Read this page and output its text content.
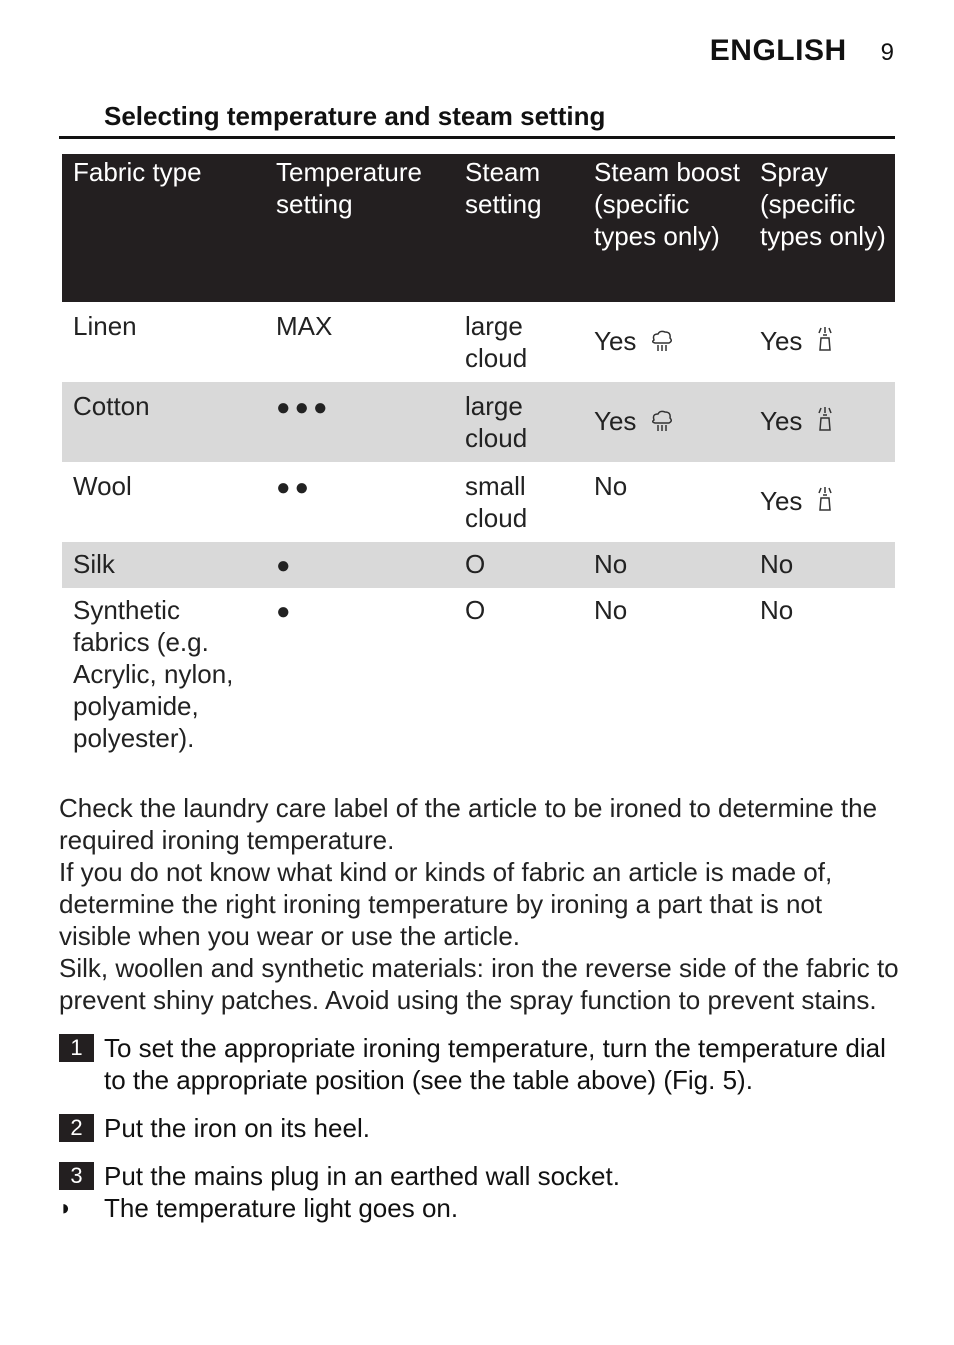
ENGLISH 9
Selecting temperature and steam setting
Fabric type	Temperature setting	Steam setting	Steam boost (specific types only)	Spray (specific types only)
Linen	MAX	large cloud	Yes	Yes
Cotton	●●●	large cloud	Yes	Yes
Wool	●●	small cloud	No	Yes
Silk	●	O	No	No
Synthetic fabrics (e.g. Acrylic, nylon, polyamide, polyester).	●	O	No	No
Check the laundry care label of the article to be ironed to determine the required ironing temperature.
If you do not know what kind or kinds of fabric an article is made of, determine the right ironing temperature by ironing a part that is not visible when you wear or use the article.
Silk, woollen and synthetic materials: iron the reverse side of the fabric to prevent shiny patches. Avoid using the spray function to prevent stains.
1 To set the appropriate ironing temperature, turn the temperature dial to the appropriate position (see the table above) (Fig. 5).
2 Put the iron on its heel.
3 Put the mains plug in an earthed wall socket.
◗ The temperature light goes on.
